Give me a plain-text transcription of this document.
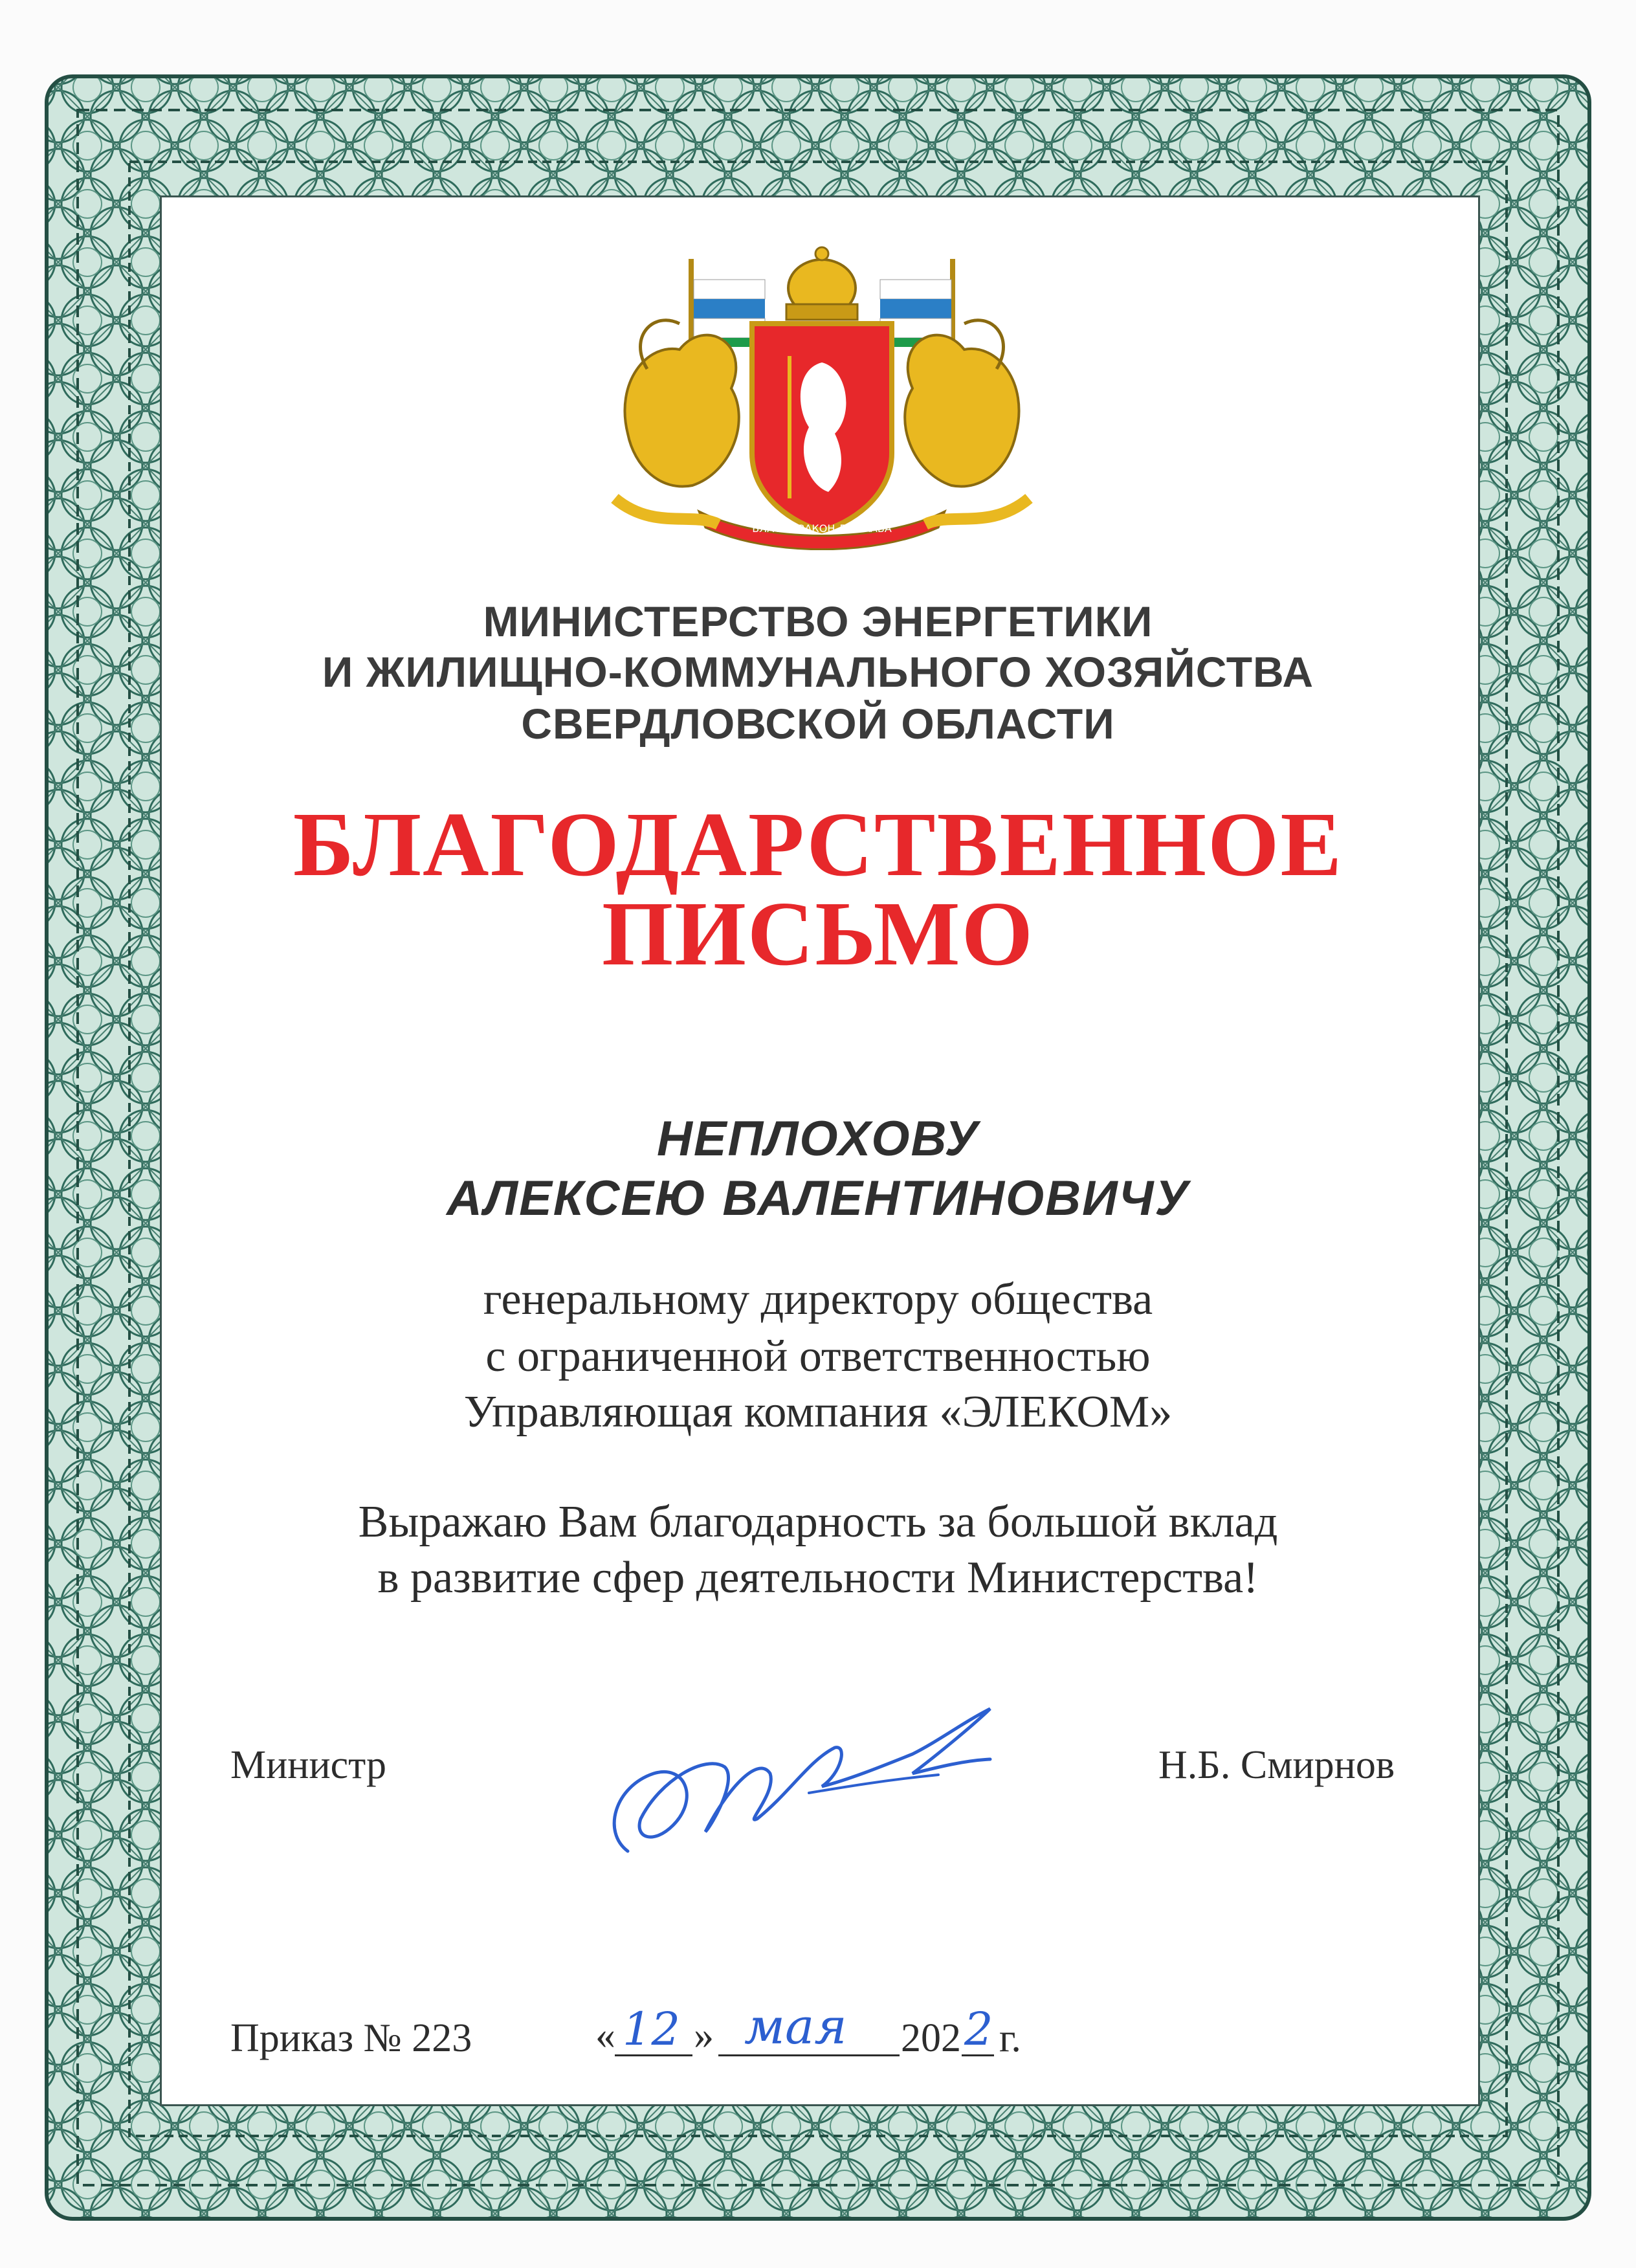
ВЛАСТЬ ЗАКОН ДЕРЖАВА
МИНИСТЕРСТВО ЭНЕРГЕТИКИ
И ЖИЛИЩНО-КОММУНАЛЬНОГО ХОЗЯЙСТВА
СВЕРДЛОВСКОЙ ОБЛАСТИ
БЛАГОДАРСТВЕННОЕ
ПИСЬМО
НЕПЛОХОВУ
АЛЕКСЕЮ ВАЛЕНТИНОВИЧУ
генеральному директору общества
с ограниченной ответственностью
Управляющая компания «ЭЛЕКОМ»
Выражаю Вам благодарность за большой вклад
в развитие сфер деятельности Министерства!
Министр	Н.Б. Смирнов
Приказ № 223	« 12 » мая 202 2 г.
